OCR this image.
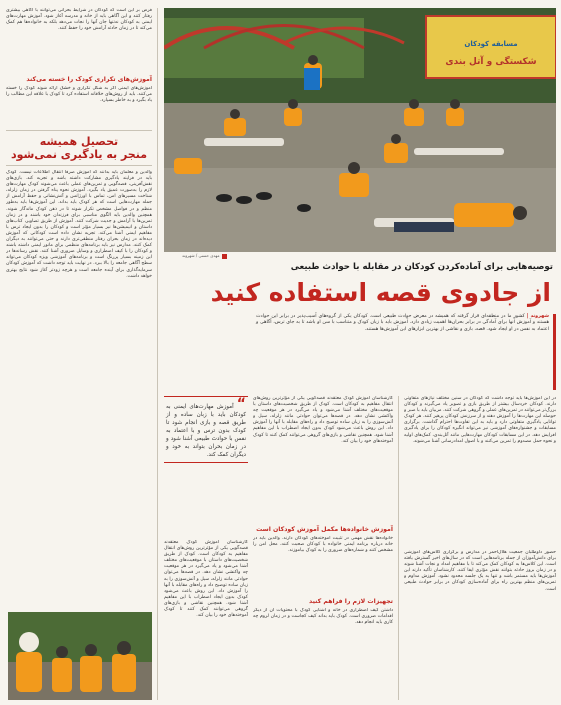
مسابقه کودکان
شکستگی و آتل بندی
مهدی حسنی / شهروند
توصیه‌هایی برای آماده‌کردن کودکان در مقابله با حوادث طبیعی
از جادوی قصه استفاده کنید
شهروند | کشور ما در منطقه‌ای قرار گرفته که همیشه در معرض حوادث طبیعی است. کودکان یکی از گروه‌های آسیب‌پذیر در برابر این حوادث هستند و آموزش آنها برای آمادگی در برابر بحران‌ها اهمیت زیادی دارد. آموزش باید با زبان کودک و متناسب با سن او باشد تا به جای ترس، آگاهی و اعتماد به نفس در او ایجاد شود. قصه، بازی و نقاشی از بهترین ابزارهای این آموزش‌ها هستند.
فرض بر این است که کودکان در شرایط بحرانی می‌توانند با آگاهی بیشتری رفتار کنند و این آگاهی باید از خانه و مدرسه آغاز شود. آموزش مهارت‌های ایمنی به کودکان نه‌تنها جان آنها را نجات می‌دهد بلکه به خانواده‌ها هم کمک می‌کند تا در زمان حادثه آرامش خود را حفظ کنند.
آموزش‌های تکراری کودک را خسته می‌کند
آموزش‌های ایمنی اگر به شکل تکراری و خشک ارائه شوند کودک را خسته می‌کنند. باید از روش‌های خلاقانه استفاده کرد تا کودک با علاقه این مطالب را یاد بگیرد و به خاطر بسپارد.
تحصیل همیشه
منجر به یادگیری نمی‌شود
والدین و معلمان باید بدانند که آموزش صرفاً انتقال اطلاعات نیست. کودک باید در فرایند یادگیری مشارکت داشته باشد و تجربه کند. بازی‌های نقش‌آفرینی، قصه‌گویی و تمرین‌های عملی باعث می‌شوند کودک مهارت‌های لازم را به‌صورت عمیق یاد بگیرد. آموزش نحوه پناه گرفتن در زمان زلزله، شناخت مسیرهای امن، تماس با اورژانس و آتش‌نشانی و حفظ آرامش از جمله مهارت‌هایی است که هر کودک باید بداند. این آموزش‌ها باید به‌طور منظم و در فواصل مشخص تکرار شوند تا در ذهن کودک ماندگار شوند. همچنین والدین باید الگوی مناسبی برای فرزندان خود باشند و در زمان تمرین‌ها با آرامش و جدیت شرکت کنند. آموزش از طریق تصاویر، کتاب‌های داستان و انیمیشن‌ها نیز بسیار مؤثر است و کودکان را بدون ایجاد ترس با مفاهیم ایمنی آشنا می‌کند. تجربه نشان داده است کودکانی که آموزش دیده‌اند در زمان بحران رفتار منطقی‌تری دارند و حتی می‌توانند به دیگران کمک کنند. مدارس نیز باید برنامه‌های منظمی برای مانور ایمنی داشته باشند و کودکان را با کیف اضطراری و وسایل ضروری آشنا کنند. نقش رسانه‌ها در این زمینه بسیار پررنگ است و برنامه‌های آموزشی ویژه کودکان می‌تواند سطح آگاهی جامعه را بالا ببرد. در نهایت باید توجه داشت که آموزش کودکان سرمایه‌گذاری برای آینده جامعه است و هرچه زودتر آغاز شود نتایج بهتری خواهد داشت.
“ آموزش مهارت‌های ایمنی به کودکان باید با زبان ساده و از طریق قصه و بازی انجام شود تا کودک بدون ترس و با اعتماد به نفس با حوادث طبیعی آشنا شود و در زمان بحران بتواند به خود و دیگران کمک کند.
کارشناسان آموزش کودک معتقدند قصه‌گویی یکی از مؤثرترین روش‌های انتقال مفاهیم به کودکان است. کودک از طریق شخصیت‌های داستان با موقعیت‌های مختلف آشنا می‌شود و یاد می‌گیرد در هر موقعیت چه واکنشی نشان دهد. در قصه‌ها می‌توان حوادثی مانند زلزله، سیل و آتش‌سوزی را به زبان ساده توضیح داد و راه‌های مقابله با آنها را آموزش داد. این روش باعث می‌شود کودک بدون ایجاد اضطراب با این مفاهیم آشنا شود. همچنین نقاشی و بازی‌های گروهی می‌توانند کمک کنند تا کودک آموخته‌های خود را بیان کند.
آموزش خانواده‌ها مکمل آموزش کودکان است
خانواده‌ها نقش مهمی در تثبیت آموخته‌های کودکان دارند. والدین باید در خانه درباره برنامه ایمنی خانواده با کودکان صحبت کنند، محل امن را مشخص کنند و شماره‌های ضروری را به کودک بیاموزند.
تجهیزات لازم را فراهم کنید
داشتن کیف اضطراری در خانه و آشنایی کودک با محتویات آن از دیگر اقدامات ضروری است. کودک باید بداند کیف کجاست و در زمان لزوم چه کاری باید انجام دهد.
در این آموزش‌ها باید توجه داشت که کودکان در سنین مختلف نیازهای متفاوتی دارند. کودکان خردسال بیشتر از طریق بازی و تصویر یاد می‌گیرند و کودکان بزرگ‌تر می‌توانند در تمرین‌های عملی و گروهی شرکت کنند. مربیان باید با صبر و حوصله این مهارت‌ها را آموزش دهند و از سرزنش کودکان پرهیز کنند. هر کودک توانایی یادگیری متفاوتی دارد و باید به این تفاوت‌ها احترام گذاشت. برگزاری مسابقات و جشنواره‌های آموزشی نیز می‌تواند انگیزه کودکان را برای یادگیری افزایش دهد. در این مسابقات کودکان مهارت‌هایی مانند آتل‌بندی، کمک‌های اولیه و نحوه حمل مصدوم را تمرین می‌کنند و با اصول امدادرسانی آشنا می‌شوند.
حضور داوطلبان جمعیت هلال‌احمر در مدارس و برگزاری کلاس‌های آموزشی برای دانش‌آموزان از جمله برنامه‌هایی است که در سال‌های اخیر گسترش یافته است. این کلاس‌ها به کودکان کمک می‌کند تا با مفاهیم امداد و نجات آشنا شوند و در زمان بروز حادثه بتوانند نقش مؤثری ایفا کنند. کارشناسان تأکید دارند این آموزش‌ها باید مستمر باشد و تنها به یک جلسه محدود نشود. آموزش مداوم و تمرین‌های منظم بهترین راه برای آماده‌سازی کودکان در برابر حوادث طبیعی است.
کارشناسان آموزش کودک معتقدند قصه‌گویی یکی از مؤثرترین روش‌های انتقال مفاهیم به کودکان است. کودک از طریق شخصیت‌های داستان با موقعیت‌های مختلف آشنا می‌شود و یاد می‌گیرد در هر موقعیت چه واکنشی نشان دهد. در قصه‌ها می‌توان حوادثی مانند زلزله، سیل و آتش‌سوزی را به زبان ساده توضیح داد و راه‌های مقابله با آنها را آموزش داد. این روش باعث می‌شود کودک بدون ایجاد اضطراب با این مفاهیم آشنا شود. همچنین نقاشی و بازی‌های گروهی می‌توانند کمک کنند تا کودک آموخته‌های خود را بیان کند.
